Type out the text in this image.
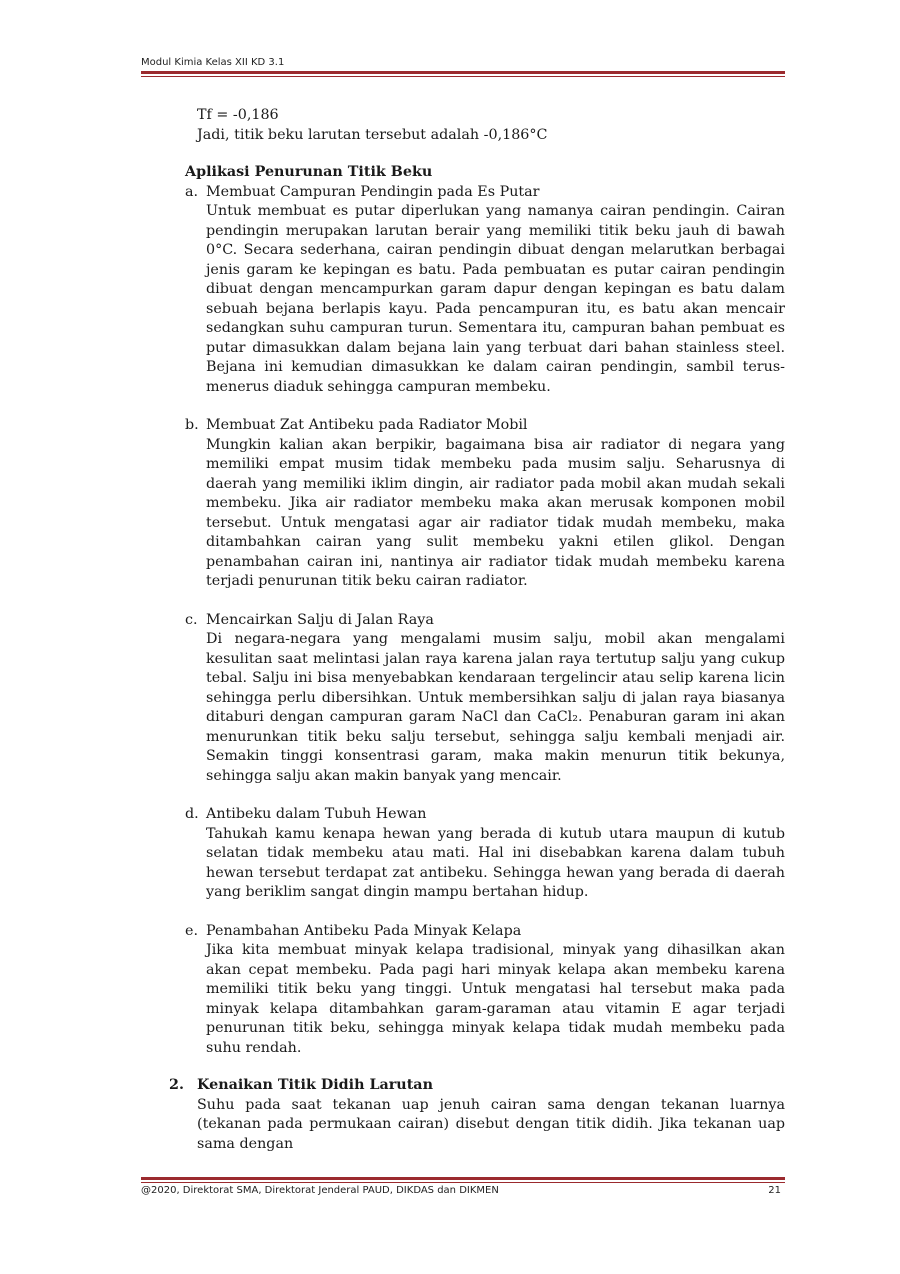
Modul Kimia Kelas XII KD 3.1
Tf = -0,186
Jadi, titik beku larutan tersebut adalah -0,186°C
Aplikasi Penurunan Titik Beku
a. Membuat Campuran Pendingin pada Es Putar

Untuk membuat es putar diperlukan yang namanya cairan pendingin. Cairan pendingin merupakan larutan berair yang memiliki titik beku jauh di bawah 0°C. Secara sederhana, cairan pendingin dibuat dengan melarutkan berbagai jenis garam ke kepingan es batu. Pada pembuatan es putar cairan pendingin dibuat dengan mencampurkan garam dapur dengan kepingan es batu dalam sebuah bejana berlapis kayu. Pada pencampuran itu, es batu akan mencair sedangkan suhu campuran turun. Sementara itu, campuran bahan pembuat es putar dimasukkan dalam bejana lain yang terbuat dari bahan stainless steel. Bejana ini kemudian dimasukkan ke dalam cairan pendingin, sambil terus-menerus diaduk sehingga campuran membeku.

b. Membuat Zat Antibeku pada Radiator Mobil

Mungkin kalian akan berpikir, bagaimana bisa air radiator di negara yang memiliki empat musim tidak membeku pada musim salju. Seharusnya di daerah yang memiliki iklim dingin, air radiator pada mobil akan mudah sekali membeku. Jika air radiator membeku maka akan merusak komponen mobil tersebut. Untuk mengatasi agar air radiator tidak mudah membeku, maka ditambahkan cairan yang sulit membeku yakni etilen glikol. Dengan penambahan cairan ini, nantinya air radiator tidak mudah membeku karena terjadi penurunan titik beku cairan radiator.

c. Mencairkan Salju di Jalan Raya

Di negara-negara yang mengalami musim salju, mobil akan mengalami kesulitan saat melintasi jalan raya karena jalan raya tertutup salju yang cukup tebal. Salju ini bisa menyebabkan kendaraan tergelincir atau selip karena licin sehingga perlu dibersihkan. Untuk membersihkan salju di jalan raya biasanya ditaburi dengan campuran garam NaCl dan CaCl₂. Penaburan garam ini akan menurunkan titik beku salju tersebut, sehingga salju kembali menjadi air. Semakin tinggi konsentrasi garam, maka makin menurun titik bekunya, sehingga salju akan makin banyak yang mencair.

d. Antibeku dalam Tubuh Hewan

Tahukah kamu kenapa hewan yang berada di kutub utara maupun di kutub selatan tidak membeku atau mati. Hal ini disebabkan karena dalam tubuh hewan tersebut terdapat zat antibeku. Sehingga hewan yang berada di daerah yang beriklim sangat dingin mampu bertahan hidup.

e. Penambahan Antibeku Pada Minyak Kelapa

Jika kita membuat minyak kelapa tradisional, minyak yang dihasilkan akan akan cepat membeku. Pada pagi hari minyak kelapa akan membeku karena memiliki titik beku yang tinggi. Untuk mengatasi hal tersebut maka pada minyak kelapa ditambahkan garam-garaman atau vitamin E agar terjadi penurunan titik beku, sehingga minyak kelapa tidak mudah membeku pada suhu rendah.

2. Kenaikan Titik Didih Larutan

Suhu pada saat tekanan uap jenuh cairan sama dengan tekanan luarnya (tekanan pada permukaan cairan) disebut dengan titik didih. Jika tekanan uap sama dengan

@2020, Direktorat SMA, Direktorat Jenderal PAUD, DIKDAS dan DIKMEN	21
